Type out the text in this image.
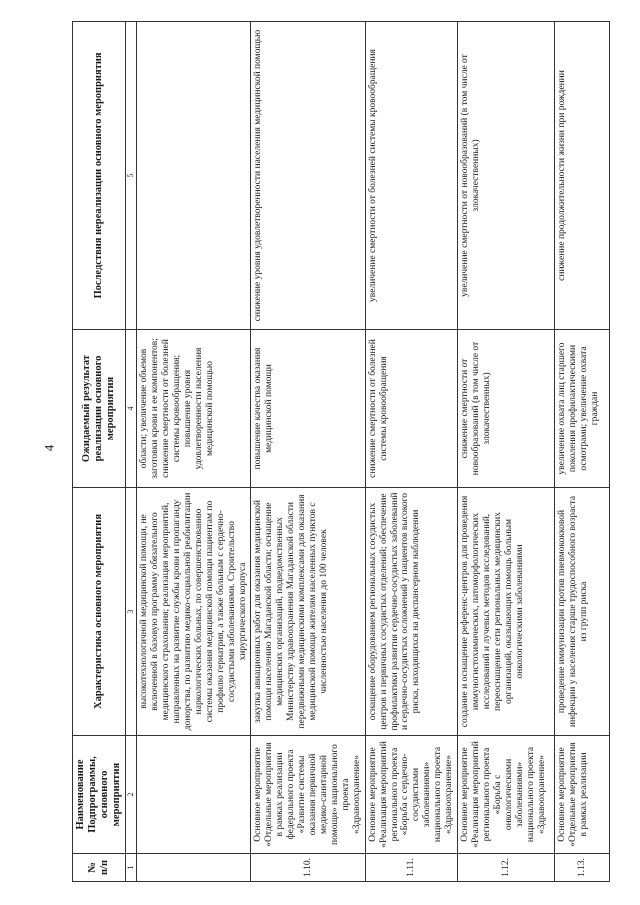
4
№ п/п	Наименование Подпрограммы, основного мероприятия	Характеристика основного мероприятия	Ожидаемый результат реализации основного мероприятия	Последствия нереализации основного мероприятия
1	2	3	4	5
		высокотехнологичной медицинской помощи, не включенной в базовую программу обязательного медицинского страхования; реализация мероприятий, направленных на развитие службы крови и пропаганду донорства, по развитию медико-социальной реабилитации наркологических больных, по совершенствованию системы оказания медицинской помощи пациентам по профилю гериатрия, а также больным с сердечно-сосудистыми заболеваниями. Строительство хирургического корпуса	области; увеличение объемов заготовки крови и ее компонентов; снижение смертности от болезней системы кровообращения; повышение уровня удовлетворенности населения медицинской помощью	
1.10.	Основное мероприятие «Отдельные мероприятия в рамках реализации федерального проекта «Развитие системы оказания первичной медико-санитарной помощи» национального проекта «Здравоохранение»	закупка авиационных работ для оказания медицинской помощи населению Магаданской области; оснащение медицинских организаций, подведомственных Министерству здравоохранения Магаданской области передвижными медицинскими комплексами для оказания медицинской помощи жителям населенных пунктов с численностью населения до 100 человек	повышение качества оказания медицинской помощи	снижение уровня удовлетворенности населения медицинской помощью
1.11.	Основное мероприятие «Реализация мероприятий регионального проекта «Борьба с сердечно-сосудистыми заболеваниями» национального проекта «Здравоохранение»	оснащение оборудованием региональных сосудистых центров и первичных сосудистых отделений; обеспечение профилактики развития сердечно-сосудистых заболеваний и сердечно-сосудистых осложнений у пациентов высокого риска, находящихся на диспансерном наблюдении	снижение смертности от болезней системы кровообращения	увеличение смертности от болезней системы кровообращения
1.12.	Основное мероприятие «Реализация мероприятий регионального проекта «Борьба с онкологическими заболеваниями» национального проекта «Здравоохранение»	создание и оснащение референс-центров для проведения иммуногистохимических, патоморфологических исследований и лучевых методов исследований, переоснащение сети региональных медицинских организаций, оказывающих помощь больным онкологическими заболеваниями	снижение смертности от новообразований (в том числе от злокачественных)	увеличение смертности от новообразований (в том числе от злокачественных)
1.13.	Основное мероприятие «Отдельные мероприятия в рамках реализации	проведение иммунизации против пневмококковой инфекции у населения старше трудоспособного возраста из групп риска	увеличение охвата лиц старшего поколения профилактическими осмотрами; увеличение охвата граждан	снижение продолжительности жизни при рождении
